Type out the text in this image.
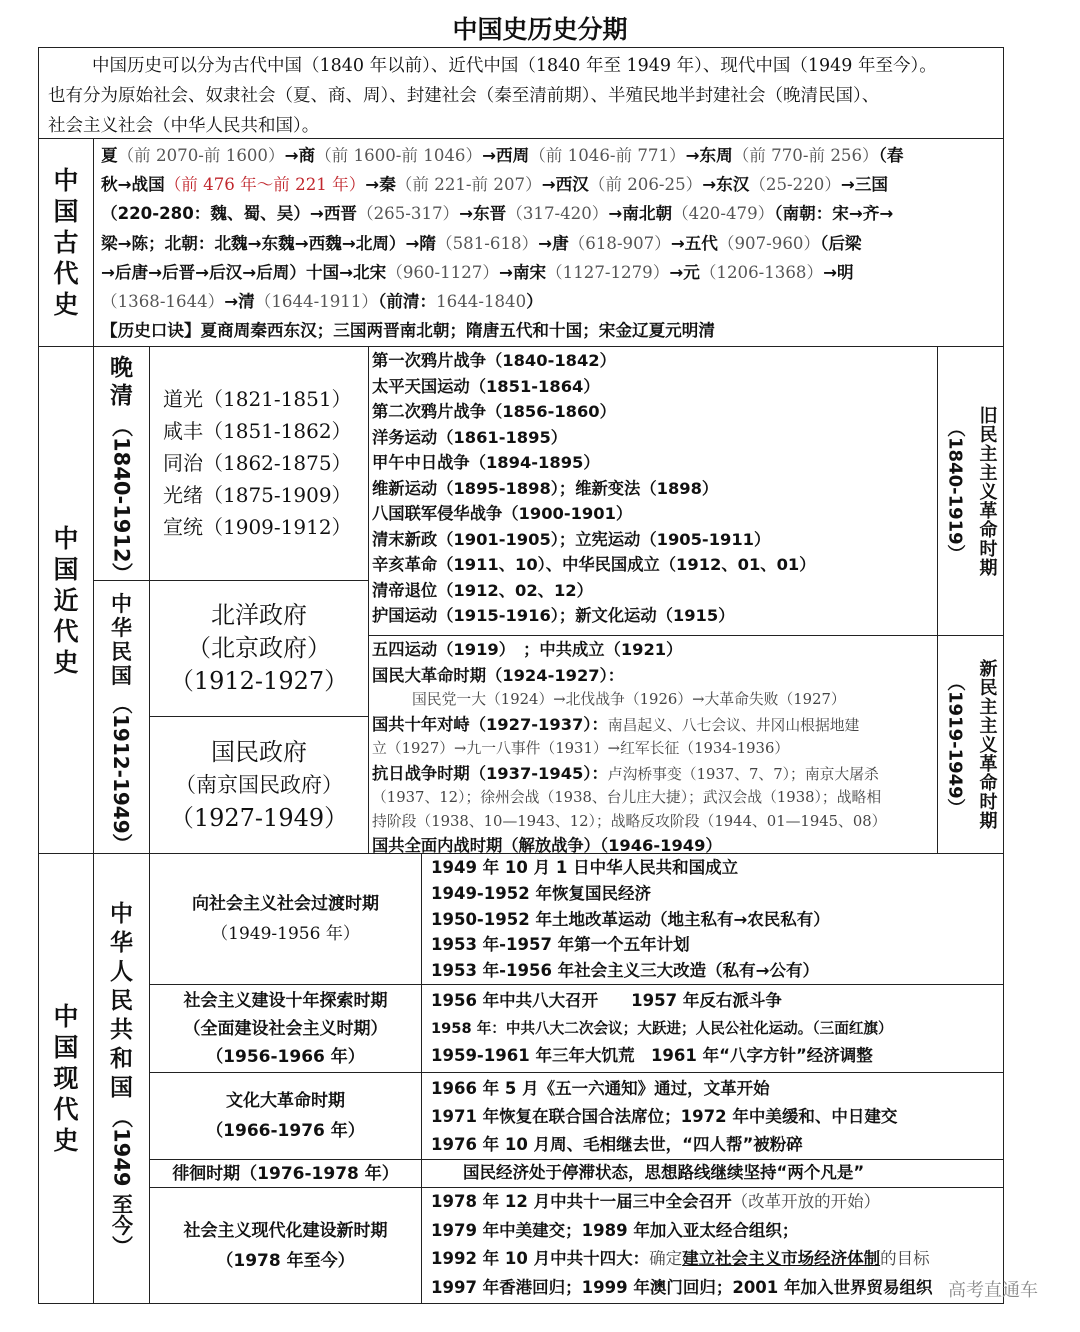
中国史历史分期
中国历史可以分为古代中国（1840 年以前）、近代中国（1840 年至 1949 年）、现代中国（1949 年至今）。
也有分为原始社会、奴隶社会（夏、商、周）、封建社会（秦至清前期）、半殖民地半封建社会（晚清民国）、
社会主义社会（中华人民共和国）。
中国古代史
夏（前 2070-前 1600）→商（前 1600-前 1046）→西周（前 1046-前 771）→东周（前 770-前 256）（春
秋→战国（前 476 年～前 221 年）→秦（前 221-前 207）→西汉（前 206-25）→东汉（25-220）→三国
（220-280：魏、蜀、吴）→西晋（265-317）→东晋（317-420）→南北朝（420-479）（南朝：宋→齐→
梁→陈；北朝：北魏→东魏→西魏→北周）→隋（581-618）→唐（618-907）→五代（907-960）（后梁
→后唐→后晋→后汉→后周）十国→北宋（960-1127）→南宋（1127-1279）→元（1206-1368）→明
（1368-1644）→清（1644-1911）（前清：1644-1840）
【历史口诀】夏商周秦西东汉；三国两晋南北朝；隋唐五代和十国；宋金辽夏元明清
中国近代史
晚清
（1840-1912）
道光（1821-1851）
咸丰（1851-1862）
同治（1862-1875）
光绪（1875-1909）
宣统（1909-1912）
中华民国
（1912-1949）
北洋政府
（北京政府）
（1912-1927）
国民政府
（南京国民政府）
（1927-1949）
第一次鸦片战争（1840-1842）
太平天国运动（1851-1864）
第二次鸦片战争（1856-1860）
洋务运动（1861-1895）
甲午中日战争（1894-1895）
维新运动（1895-1898）；维新变法（1898）
八国联军侵华战争（1900-1901）
清末新政（1901-1905）；立宪运动（1905-1911）
辛亥革命（1911、10）、中华民国成立（1912、01、01）
清帝退位（1912、02、12）
护国运动（1915-1916）；新文化运动（1915）
旧民主主义革命时期
（1840-1919）
五四运动（1919）　；中共成立（1921）
国民大革命时期（1924-1927）：
国民党一大（1924）→北伐战争（1926）→大革命失败（1927）
国共十年对峙（1927-1937）：南昌起义、八七会议、井冈山根据地建
立（1927）→九一八事件（1931）→红军长征（1934-1936）
抗日战争时期（1937-1945）：卢沟桥事变（1937、7、7）；南京大屠杀
（1937、12）；徐州会战（1938、台儿庄大捷）；武汉会战（1938）；战略相
持阶段（1938、10—1943、12）；战略反攻阶段（1944、01—1945、08）
国共全面内战时期（解放战争）（1946-1949）
新民主主义革命时期
（1919-1949）
中国现代史
中华人民共和国
（1949 至今）
向社会主义社会过渡时期
（1949-1956 年）
1949 年 10 月 1 日中华人民共和国成立
1949-1952 年恢复国民经济
1950-1952 年土地改革运动（地主私有→农民私有）
1953 年-1957 年第一个五年计划
1953 年-1956 年社会主义三大改造（私有→公有）
社会主义建设十年探索时期
（全面建设社会主义时期）
（1956-1966 年）
1956 年中共八大召开　　1957 年反右派斗争
1958 年：中共八大二次会议；大跃进；人民公社化运动。（三面红旗）
1959-1961 年三年大饥荒　1961 年“八字方针”经济调整
文化大革命时期
（1966-1976 年）
1966 年 5 月《五一六通知》通过，文革开始
1971 年恢复在联合国合法席位；1972 年中美缓和、中日建交
1976 年 10 月周、毛相继去世，“四人帮”被粉碎
徘徊时期（1976-1978 年）	国民经济处于停滞状态，思想路线继续坚持“两个凡是”
社会主义现代化建设新时期
（1978 年至今）
1978 年 12 月中共十一届三中全会召开（改革开放的开始）
1979 年中美建交；1989 年加入亚太经合组织；
1992 年 10 月中共十四大：确定建立社会主义市场经济体制的目标
1997 年香港回归；1999 年澳门回归；2001 年加入世界贸易组织 高考直通车
